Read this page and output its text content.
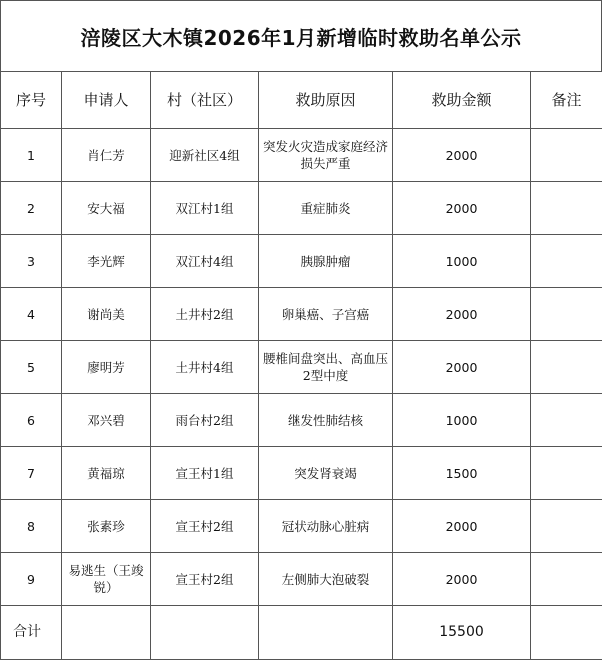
涪陵区大木镇2026年1月新增临时救助名单公示
序号	申请人	村（社区）	救助原因	救助金额	备注
1	肖仁芳	迎新社区4组	突发火灾造成家庭经济损失严重	2000	
2	安大福	双江村1组	重症肺炎	2000	
3	李光辉	双江村4组	胰腺肿瘤	1000	
4	谢尚美	土井村2组	卵巢癌、子宫癌	2000	
5	廖明芳	土井村4组	腰椎间盘突出、高血压2型中度	2000	
6	邓兴碧	雨台村2组	继发性肺结核	1000	
7	黄福琼	宣王村1组	突发肾衰竭	1500	
8	张素珍	宣王村2组	冠状动脉心脏病	2000	
9	易逃生（王竣锐）	宣王村2组	左侧肺大泡破裂	2000	
合计				15500	
